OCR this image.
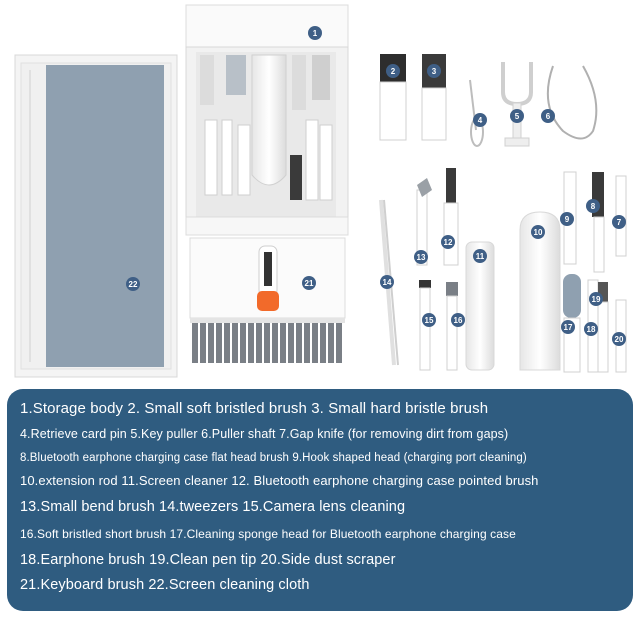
1
2	3
4	5	6
7
8
9
10
11
12
13
14
15	16
17	18
19
20
21
22
1.Storage body 2. Small soft bristled brush 3. Small hard bristle brush
4.Retrieve card pin 5.Key puller 6.Puller shaft 7.Gap knife (for removing dirt from gaps)
8.Bluetooth earphone charging case flat head brush 9.Hook shaped head (charging port cleaning)
10.extension rod 11.Screen cleaner 12. Bluetooth earphone charging case pointed brush
13.Small bend brush 14.tweezers 15.Camera lens cleaning
16.Soft bristled short brush 17.Cleaning sponge head for Bluetooth earphone charging case
18.Earphone brush 19.Clean pen tip 20.Side dust scraper
21.Keyboard brush 22.Screen cleaning cloth
